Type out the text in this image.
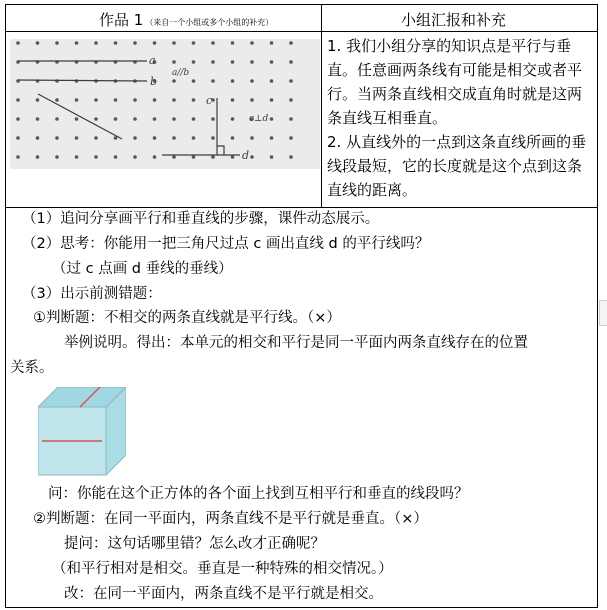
作品 1 （来自一个小组或多个小组的补充）	小组汇报和补充
a
b
c
d
a//b
c⊥d

1. 我们小组分享的知识点是平行与垂直。任意画两条线有可能是相交或者平行。当两条直线相交成直角时就是这两条直线互相垂直。

2. 从直线外的一点到这条直线所画的垂线段最短，它的长度就是这个点到这条直线的距离。

（1）追问分享画平行和垂直线的步骤，课件动态展示。
（2）思考：你能用一把三角尺过点 c 画出直线 d 的平行线吗？
（过 c 点画 d 垂线的垂线）
（3）出示前测错题：
①判断题：不相交的两条直线就是平行线。（×）
举例说明。得出：本单元的相交和平行是同一平面内两条直线存在的位置
关系。
问：你能在这个正方体的各个面上找到互相平行和垂直的线段吗？
②判断题：在同一平面内，两条直线不是平行就是垂直。（×）
提问：这句话哪里错？怎么改才正确呢？
（和平行相对是相交。垂直是一种特殊的相交情况。）
改：在同一平面内，两条直线不是平行就是相交。
